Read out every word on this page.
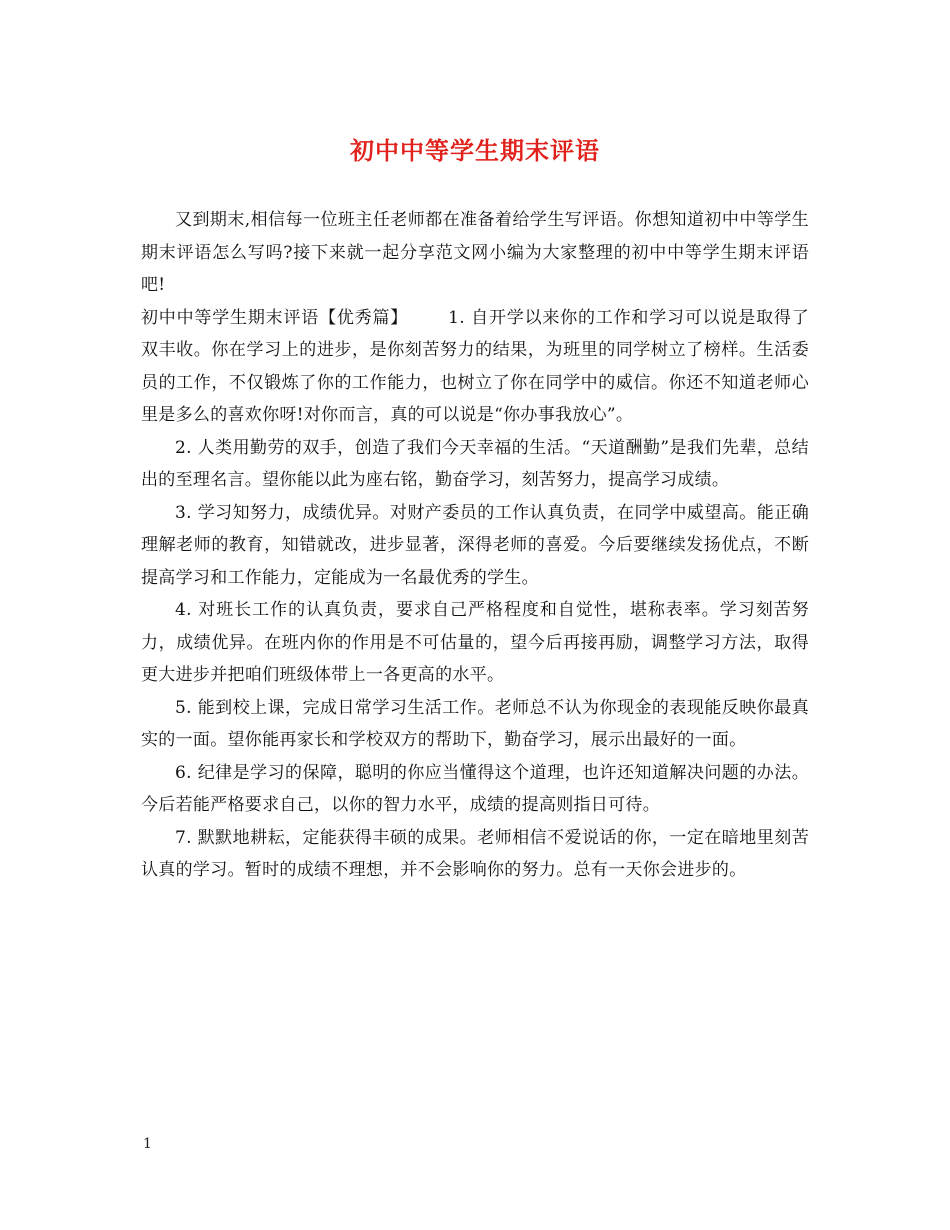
初中中等学生期末评语

又到期末,相信每一位班主任老师都在准备着给学生写评语。你想知道初中中等学生期末评语怎么写吗?接下来就一起分享范文网小编为大家整理的初中中等学生期末评语吧!

初中中等学生期末评语【优秀篇】 1. 自开学以来你的工作和学习可以说是取得了双丰收。你在学习上的进步，是你刻苦努力的结果，为班里的同学树立了榜样。生活委员的工作，不仅锻炼了你的工作能力，也树立了你在同学中的威信。你还不知道老师心里是多么的喜欢你呀!对你而言，真的可以说是“你办事我放心”。

2. 人类用勤劳的双手，创造了我们今天幸福的生活。“天道酬勤”是我们先辈，总结出的至理名言。望你能以此为座右铭，勤奋学习，刻苦努力，提高学习成绩。

3. 学习知努力，成绩优异。对财产委员的工作认真负责，在同学中威望高。能正确理解老师的教育，知错就改，进步显著，深得老师的喜爱。今后要继续发扬优点，不断提高学习和工作能力，定能成为一名最优秀的学生。

4. 对班长工作的认真负责，要求自己严格程度和自觉性，堪称表率。学习刻苦努力，成绩优异。在班内你的作用是不可估量的，望今后再接再励，调整学习方法，取得更大进步并把咱们班级体带上一各更高的水平。

5. 能到校上课，完成日常学习生活工作。老师总不认为你现金的表现能反映你最真实的一面。望你能再家长和学校双方的帮助下，勤奋学习，展示出最好的一面。

6. 纪律是学习的保障，聪明的你应当懂得这个道理，也许还知道解决问题的办法。今后若能严格要求自己，以你的智力水平，成绩的提高则指日可待。

7. 默默地耕耘，定能获得丰硕的成果。老师相信不爱说话的你，一定在暗地里刻苦认真的学习。暂时的成绩不理想，并不会影响你的努力。总有一天你会进步的。

1
